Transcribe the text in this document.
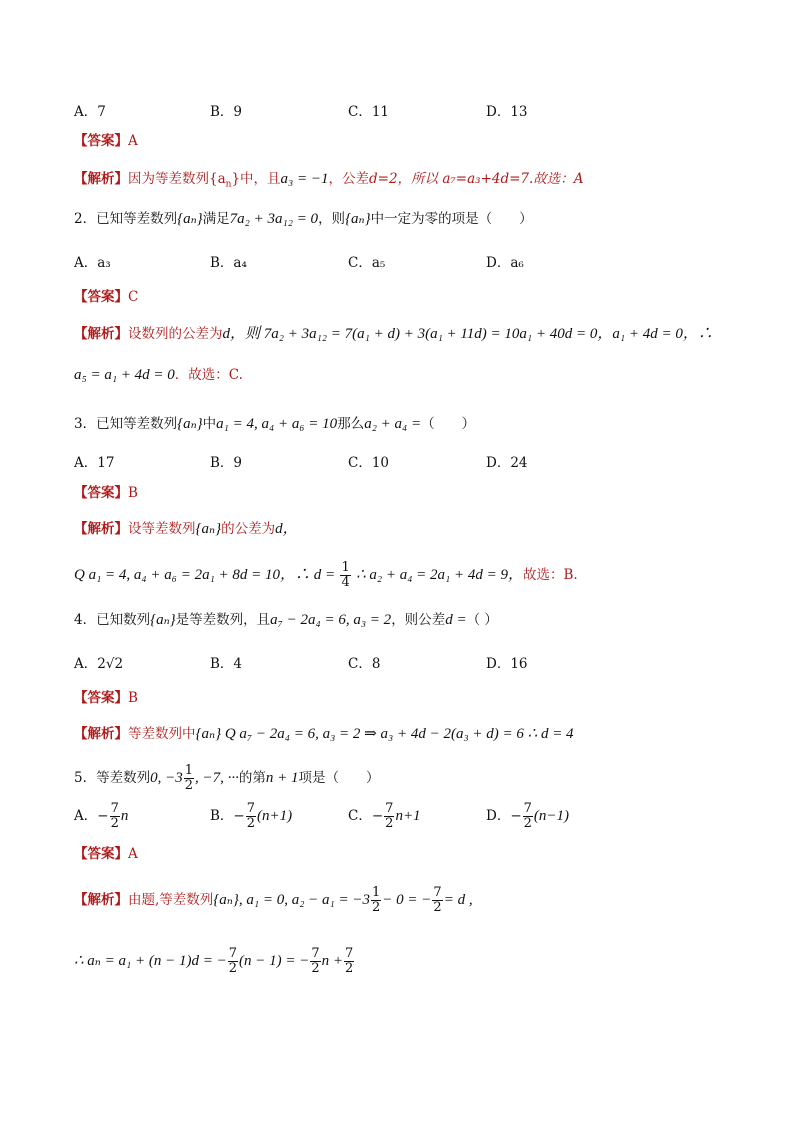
A．7	B．9	C．11	D．13
【答案】A
【解析】因为等差数列$\{a_n\}$中，且a₃ = −1，公差d=2，所以 a₇=a₃+4d=7.故选：A
2．已知等差数列{aₙ}满足7a₂ + 3a₁₂ = 0，则{aₙ}中一定为零的项是（　　）
A．a₃	B．a₄	C．a₅	D．a₆
【答案】C
【解析】设数列的公差为d，则 7a₂ + 3a₁₂ = 7(a₁ + d) + 3(a₁ + 11d) = 10a₁ + 40d = 0，a₁ + 4d = 0，∴
a₅ = a₁ + 4d = 0．故选：C.
3．已知等差数列{aₙ}中a₁ = 4, a₄ + a₆ = 10那么a₂ + a₄ =（　　）
A．17	B．9	C．10	D．24
【答案】B
【解析】设等差数列{aₙ}的公差为d，
Q a₁ = 4, a₄ + a₆ = 2a₁ + 8d = 10，∴ $d = \frac{1}{4}$ ∴ a₂ + a₄ = 2a₁ + 4d = 9，故选：B.
4．已知数列{aₙ}是等差数列，且a₇ − 2a₄ = 6, a₃ = 2，则公差d =（ ）
A．2√2	B．4	C．8	D．16
【答案】B
【解析】等差数列中{aₙ} Q a₇ − 2a₄ = 6, a₃ = 2 ⇒ a₃ + 4d − 2(a₃ + d) = 6 ∴ d = 4
5．等差数列0, $-3 \frac{1}{2}$ , −7, ···的第n + 1项是（　　）
A．− $\frac{7}{2}$ n	B．− $\frac{7}{2} (n+1)$	C．− $\frac{7}{2} n+1$	D．− $\frac{7}{2} (n-1)$
【答案】A
【解析】由题,等差数列{aₙ}, a₁ = 0, $a_2 - a_1 = -3 \frac{1}{2} - 0$ = − $\frac{7}{2} = d$ ,
∴ aₙ = a₁ + (n − 1)d = − $\frac{7}{2} (n - 1)$ = − $\frac{7}{2}$ $n + \frac{7}{2}$
